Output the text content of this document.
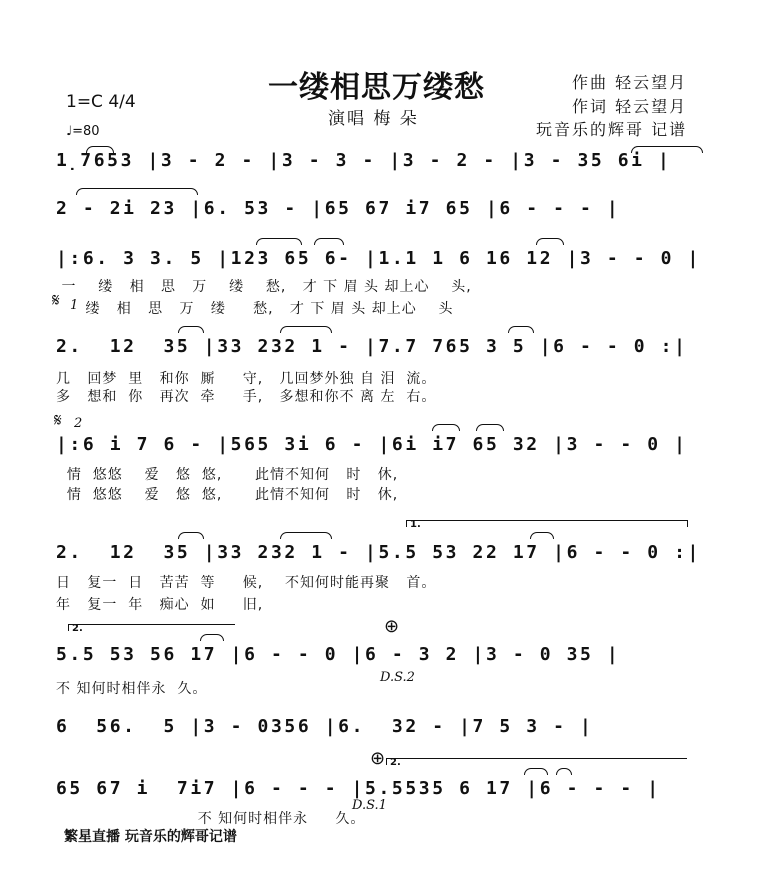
一缕相思万缕愁
演唱 梅 朵
作曲 轻云望月
作词 轻云望月
玩音乐的辉哥 记谱
1=C 4/4
♩=80
1̣7653 |3 - 2 - |3 - 3 - |3 - 2 - |3 - 35 6i |
2 - 2i 23 |6. 53 - |65 67 i7 65 |6 - - - |
|:6. 3 3. 5 |123 65 6- |1.1 1 6 16 12 |3 - - 0 |
一    缕   相   思   万    缕    愁,   才 下 眉 头 却上心    头,
𝄋 1 缕   相   思   万   缕     愁,   才 下 眉 头 却上心    头
2.  12  35 |33 232 1 - |7.7 765 3 5 |6 - - 0 :|
几   回梦  里   和你  厮     守,   几回梦外独 自 泪  流。
多   想和  你   再次  牵     手,   多想和你不 离 左  右。
𝄋 2
|:6 i 7 6 - |565 3i 6 - |6i i7 65 32 |3 - - 0 |
情  悠悠    爱   悠  悠,      此情不知何   时   休,
情  悠悠    爱   悠  悠,      此情不知何   时   休,
1.
2.  12  35 |33 232 1 - |5.5 53 22 17 |6 - - 0 :|
日   复一  日   苦苦  等     候,    不知何时能再聚   首。
年   复一  年   痴心  如     旧,
2.	⊕
5.5 53 56 17 |6 - - 0 |6 - 3 2 |3 - 0 35 |
D.S.2
不 知何时相伴永  久。
6  56.  5 |3 - 0356 |6.  32 - |7 5 3 - |
2.
⊕
65 67 i  7i7 |6 - - - |5.5535 6 17 |6 - - - |
D.S.1
不 知何时相伴永     久。
繁星直播 玩音乐的辉哥记谱
